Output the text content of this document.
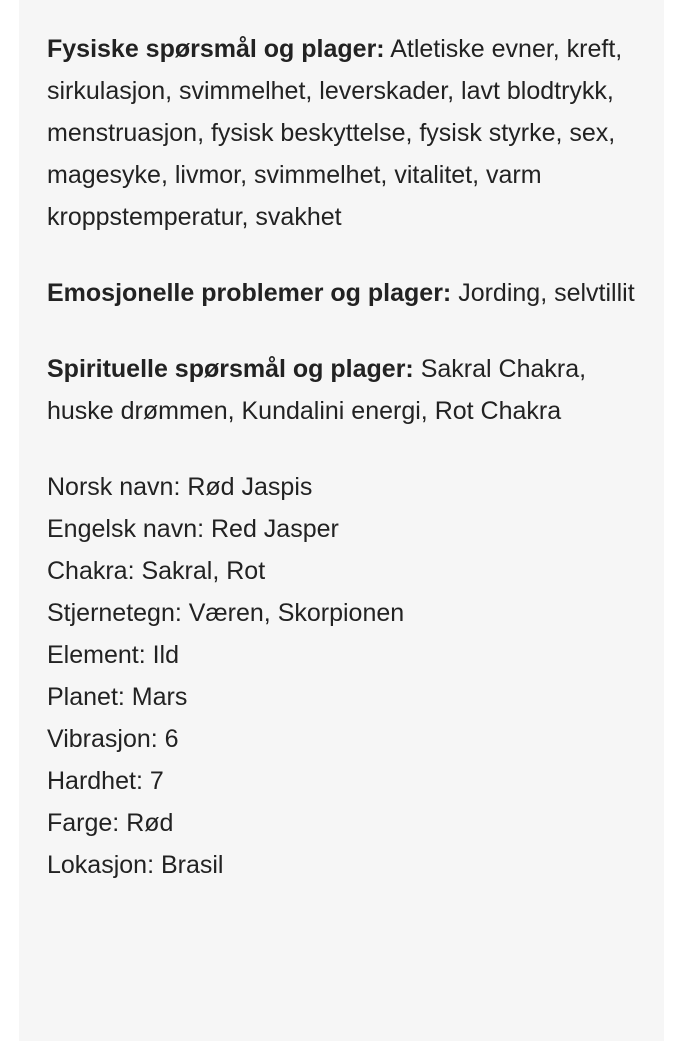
Fysiske spørsmål og plager: Atletiske evner, kreft, sirkulasjon, svimmelhet, leverskader, lavt blodtrykk, menstruasjon, fysisk beskyttelse, fysisk styrke, sex, magesyke, livmor, svimmelhet, vitalitet, varm kroppstemperatur, svakhet

Emosjonelle problemer og plager: Jording, selvtillit

Spirituelle spørsmål og plager: Sakral Chakra, huske drømmen, Kundalini energi, Rot Chakra

Norsk navn: Rød Jaspis
Engelsk navn: Red Jasper
Chakra: Sakral, Rot
Stjernetegn: Væren, Skorpionen
Element: Ild
Planet: Mars
Vibrasjon: 6
Hardhet: 7
Farge: Rød
Lokasjon: Brasil
